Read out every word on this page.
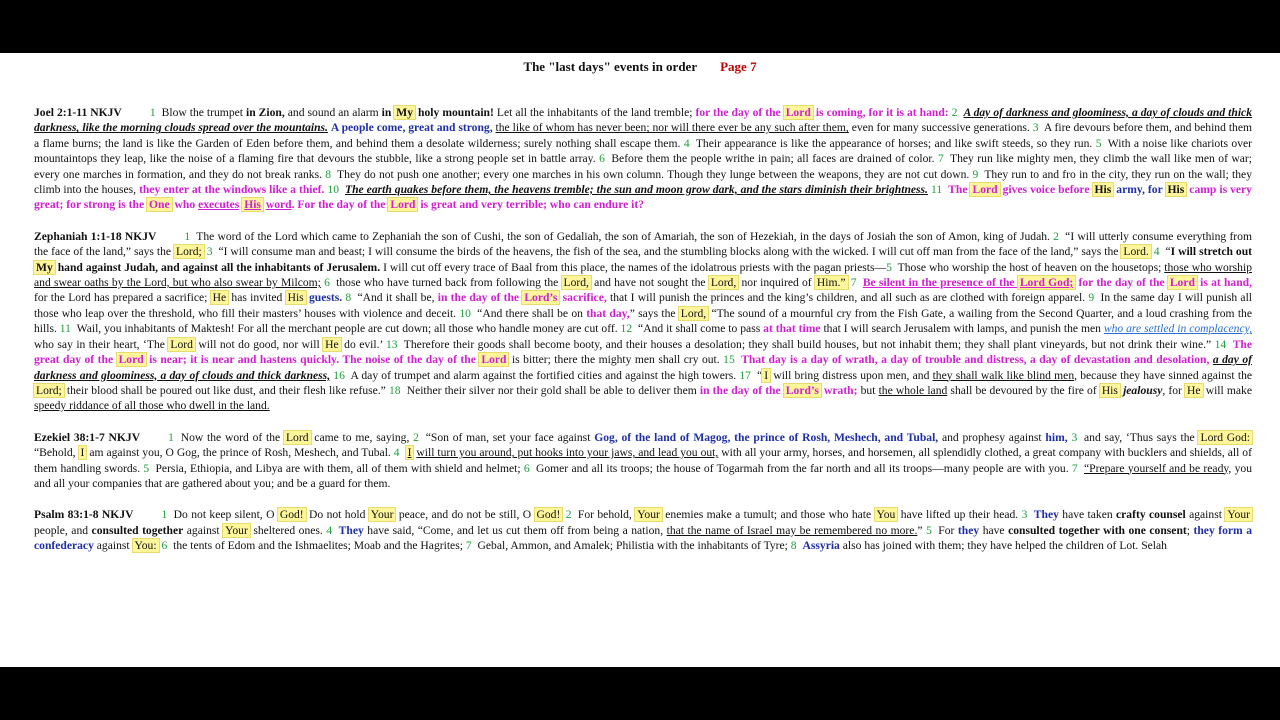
The "last days" events in order Page 7

Joel 2:1-11 NKJV 1 Blow the trumpet in Zion, and sound an alarm in My holy mountain! Let all the inhabitants of the land tremble; for the day of the Lord is coming, for it is at hand: 2 A day of darkness and gloominess, a day of clouds and thick darkness, like the morning clouds spread over the mountains. A people come, great and strong, the like of whom has never been; nor will there ever be any such after them, even for many successive generations. 3 A fire devours before them, and behind them a flame burns; the land is like the Garden of Eden before them, and behind them a desolate wilderness; surely nothing shall escape them. 4 Their appearance is like the appearance of horses; and like swift steeds, so they run. 5 With a noise like chariots over mountaintops they leap, like the noise of a flaming fire that devours the stubble, like a strong people set in battle array. 6 Before them the people writhe in pain; all faces are drained of color. 7 They run like mighty men, they climb the wall like men of war; every one marches in formation, and they do not break ranks. 8 They do not push one another; every one marches in his own column. Though they lunge between the weapons, they are not cut down. 9 They run to and fro in the city, they run on the wall; they climb into the houses, they enter at the windows like a thief. 10 The earth quakes before them, the heavens tremble; the sun and moon grow dark, and the stars diminish their brightness. 11 The Lord gives voice before His army, for His camp is very great; for strong is the One who executes His word. For the day of the Lord is great and very terrible; who can endure it?

Zephaniah 1:1-18 NKJV 1 The word of the Lord which came to Zephaniah the son of Cushi, the son of Gedaliah, the son of Amariah, the son of Hezekiah, in the days of Josiah the son of Amon, king of Judah. 2 “I will utterly consume everything from the face of the land,” says the Lord; 3 “I will consume man and beast; I will consume the birds of the heavens, the fish of the sea, and the stumbling blocks along with the wicked. I will cut off man from the face of the land,” says the Lord. 4 “I will stretch out My hand against Judah, and against all the inhabitants of Jerusalem. I will cut off every trace of Baal from this place, the names of the idolatrous priests with the pagan priests—5 Those who worship the host of heaven on the housetops; those who worship and swear oaths by the Lord, but who also swear by Milcom; 6 those who have turned back from following the Lord, and have not sought the Lord, nor inquired of Him.” 7 Be silent in the presence of the Lord God; for the day of the Lord is at hand, for the Lord has prepared a sacrifice; He has invited His guests. 8 “And it shall be, in the day of the Lord’s sacrifice, that I will punish the princes and the king’s children, and all such as are clothed with foreign apparel. 9 In the same day I will punish all those who leap over the threshold, who fill their masters’ houses with violence and deceit. 10 “And there shall be on that day,” says the Lord, “The sound of a mournful cry from the Fish Gate, a wailing from the Second Quarter, and a loud crashing from the hills. 11 Wail, you inhabitants of Maktesh! For all the merchant people are cut down; all those who handle money are cut off. 12 “And it shall come to pass at that time that I will search Jerusalem with lamps, and punish the men who are settled in complacency, who say in their heart, ‘The Lord will not do good, nor will He do evil.’ 13 Therefore their goods shall become booty, and their houses a desolation; they shall build houses, but not inhabit them; they shall plant vineyards, but not drink their wine.” 14 The great day of the Lord is near; it is near and hastens quickly. The noise of the day of the Lord is bitter; there the mighty men shall cry out. 15 That day is a day of wrath, a day of trouble and distress, a day of devastation and desolation, a day of darkness and gloominess, a day of clouds and thick darkness, 16 A day of trumpet and alarm against the fortified cities and against the high towers. 17 “ I will bring distress upon men, and they shall walk like blind men, because they have sinned against the Lord; their blood shall be poured out like dust, and their flesh like refuse.” 18 Neither their silver nor their gold shall be able to deliver them in the day of the Lord’s wrath; but the whole land shall be devoured by the fire of His jealousy, for He will make speedy riddance of all those who dwell in the land.

Ezekiel 38:1-7 NKJV 1 Now the word of the Lord came to me, saying, 2 “Son of man, set your face against Gog, of the land of Magog, the prince of Rosh, Meshech, and Tubal, and prophesy against him, 3 and say, ‘Thus says the Lord God: “Behold, I am against you, O Gog, the prince of Rosh, Meshech, and Tubal. 4 I will turn you around, put hooks into your jaws, and lead you out, with all your army, horses, and horsemen, all splendidly clothed, a great company with bucklers and shields, all of them handling swords. 5 Persia, Ethiopia, and Libya are with them, all of them with shield and helmet; 6 Gomer and all its troops; the house of Togarmah from the far north and all its troops—many people are with you. 7 “Prepare yourself and be ready, you and all your companies that are gathered about you; and be a guard for them.

Psalm 83:1-8 NKJV 1 Do not keep silent, O God! Do not hold Your peace, and do not be still, O God! 2 For behold, Your enemies make a tumult; and those who hate You have lifted up their head. 3 They have taken crafty counsel against Your people, and consulted together against Your sheltered ones. 4 They have said, “Come, and let us cut them off from being a nation, that the name of Israel may be remembered no more.” 5 For they have consulted together with one consent; they form a confederacy against You: 6 the tents of Edom and the Ishmaelites; Moab and the Hagrites; 7 Gebal, Ammon, and Amalek; Philistia with the inhabitants of Tyre; 8 Assyria also has joined with them; they have helped the children of Lot. Selah
